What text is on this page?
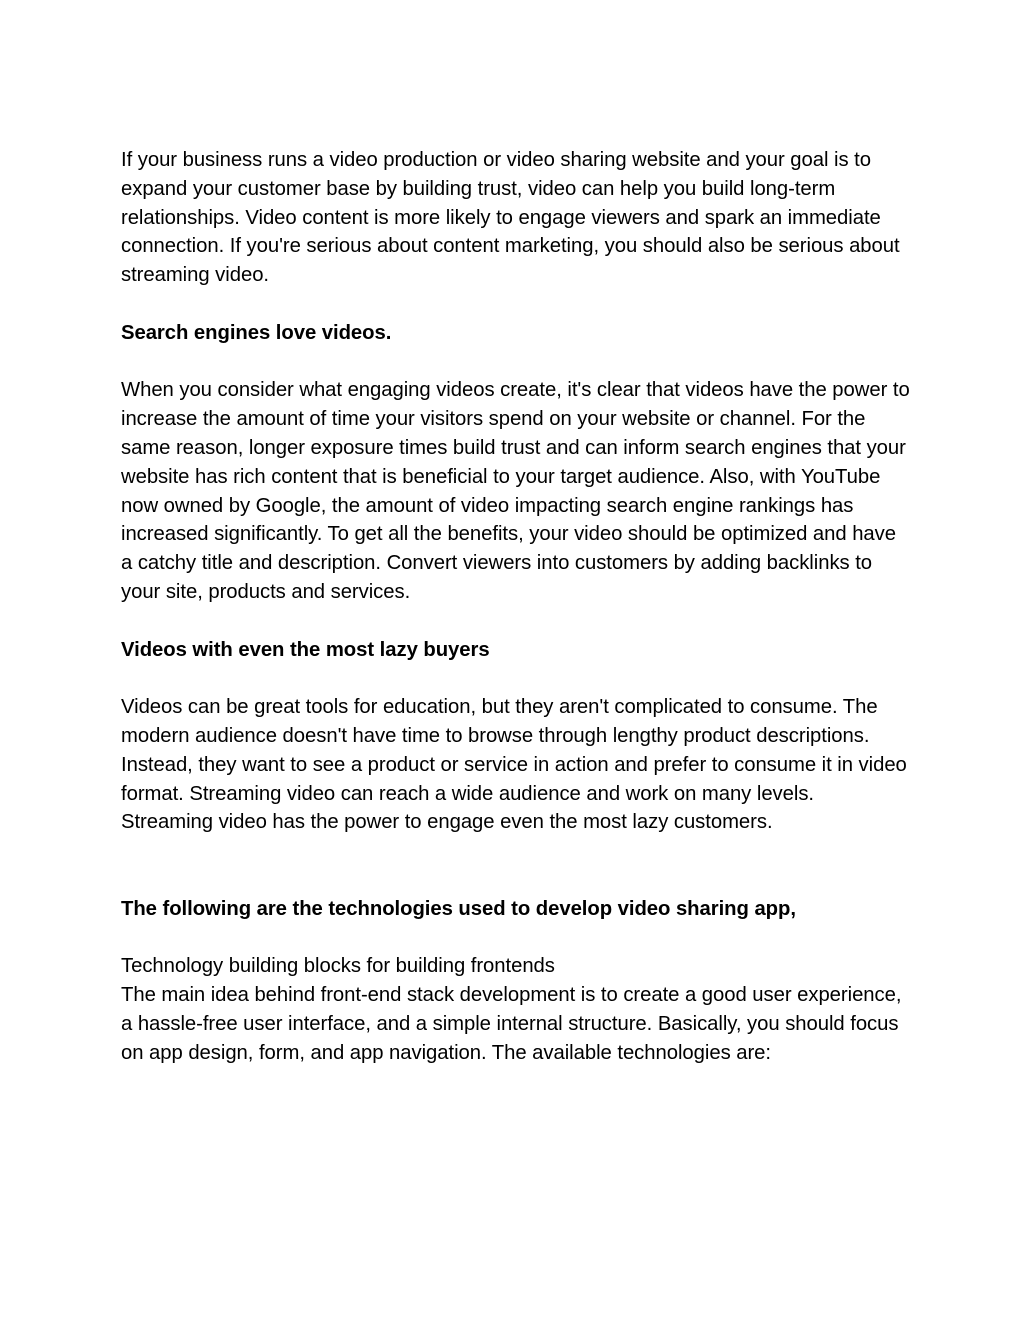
If your business runs a video production or video sharing website and your goal is to expand your customer base by building trust, video can help you build long-term relationships. Video content is more likely to engage viewers and spark an immediate connection. If you're serious about content marketing, you should also be serious about streaming video.

Search engines love videos.

When you consider what engaging videos create, it's clear that videos have the power to increase the amount of time your visitors spend on your website or channel. For the same reason, longer exposure times build trust and can inform search engines that your website has rich content that is beneficial to your target audience. Also, with YouTube now owned by Google, the amount of video impacting search engine rankings has increased significantly. To get all the benefits, your video should be optimized and have a catchy title and description. Convert viewers into customers by adding backlinks to your site, products and services.

Videos with even the most lazy buyers

Videos can be great tools for education, but they aren't complicated to consume. The modern audience doesn't have time to browse through lengthy product descriptions. Instead, they want to see a product or service in action and prefer to consume it in video format. Streaming video can reach a wide audience and work on many levels. Streaming video has the power to engage even the most lazy customers.

The following are the technologies used to develop video sharing app,

Technology building blocks for building frontends

The main idea behind front-end stack development is to create a good user experience, a hassle-free user interface, and a simple internal structure. Basically, you should focus on app design, form, and app navigation. The available technologies are:
